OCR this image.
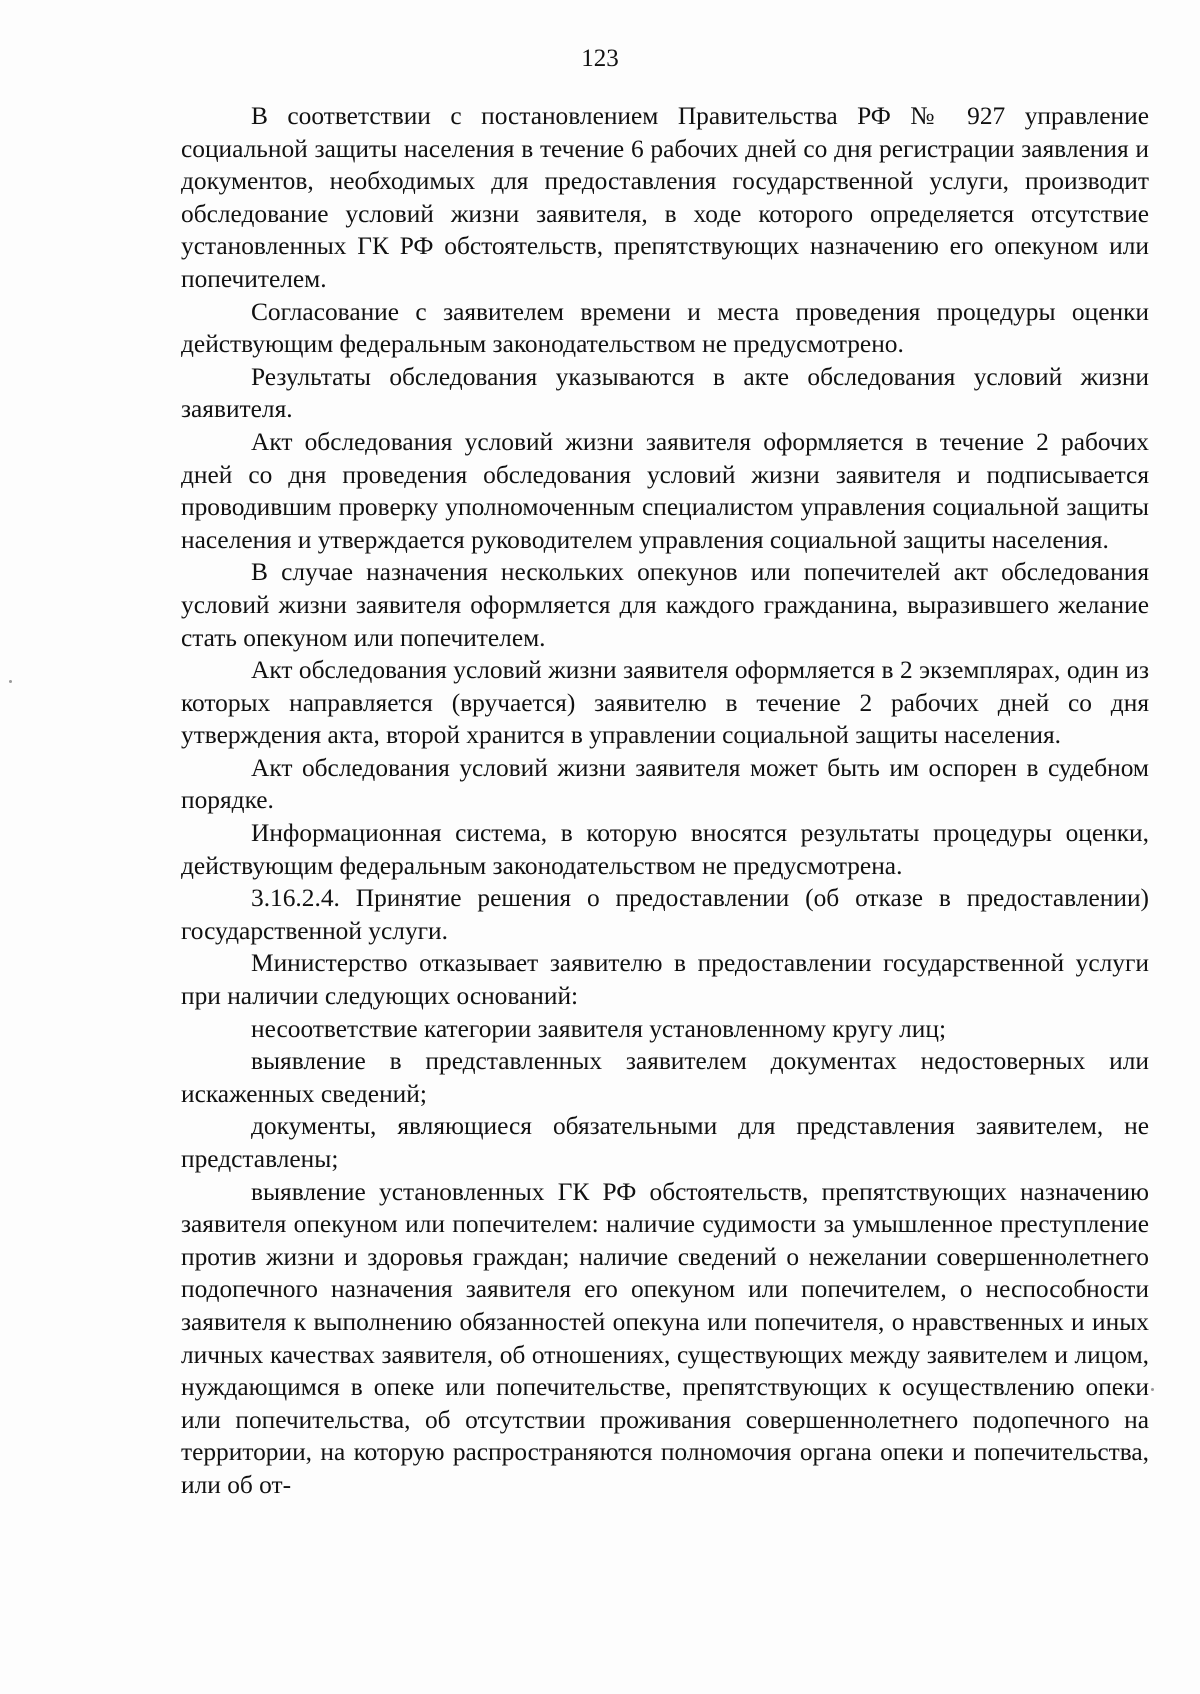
123

В соответствии с постановлением Правительства РФ № 927 управление социальной защиты населения в течение 6 рабочих дней со дня регистрации заявления и документов, необходимых для предоставления государственной услуги, производит обследование условий жизни заявителя, в ходе которого определяется отсутствие установленных ГК РФ обстоятельств, препятствующих назначению его опекуном или попечителем.

Согласование с заявителем времени и места проведения процедуры оценки действующим федеральным законодательством не предусмотрено.

Результаты обследования указываются в акте обследования условий жизни заявителя.

Акт обследования условий жизни заявителя оформляется в течение 2 рабочих дней со дня проведения обследования условий жизни заявителя и подписывается проводившим проверку уполномоченным специалистом управления социальной защиты населения и утверждается руководителем управления социальной защиты населения.

В случае назначения нескольких опекунов или попечителей акт обследования условий жизни заявителя оформляется для каждого гражданина, выразившего желание стать опекуном или попечителем.

Акт обследования условий жизни заявителя оформляется в 2 экземплярах, один из которых направляется (вручается) заявителю в течение 2 рабочих дней со дня утверждения акта, второй хранится в управлении социальной защиты населения.

Акт обследования условий жизни заявителя может быть им оспорен в судебном порядке.

Информационная система, в которую вносятся результаты процедуры оценки, действующим федеральным законодательством не предусмотрена.

3.16.2.4. Принятие решения о предоставлении (об отказе в предоставлении) государственной услуги.

Министерство отказывает заявителю в предоставлении государственной услуги при наличии следующих оснований:

несоответствие категории заявителя установленному кругу лиц;

выявление в представленных заявителем документах недостоверных или искаженных сведений;

документы, являющиеся обязательными для представления заявителем, не представлены;

выявление установленных ГК РФ обстоятельств, препятствующих назначению заявителя опекуном или попечителем: наличие судимости за умышленное преступление против жизни и здоровья граждан; наличие сведений о нежелании совершеннолетнего подопечного назначения заявителя его опекуном или попечителем, о неспособности заявителя к выполнению обязанностей опекуна или попечителя, о нравственных и иных личных качествах заявителя, об отношениях, существующих между заявителем и лицом, нуждающимся в опеке или попечительстве, препятствующих к осуществлению опеки или попечительства, об отсутствии проживания совершеннолетнего подопечного на территории, на которую распространяются полномочия органа опеки и попечительства, или об от-
